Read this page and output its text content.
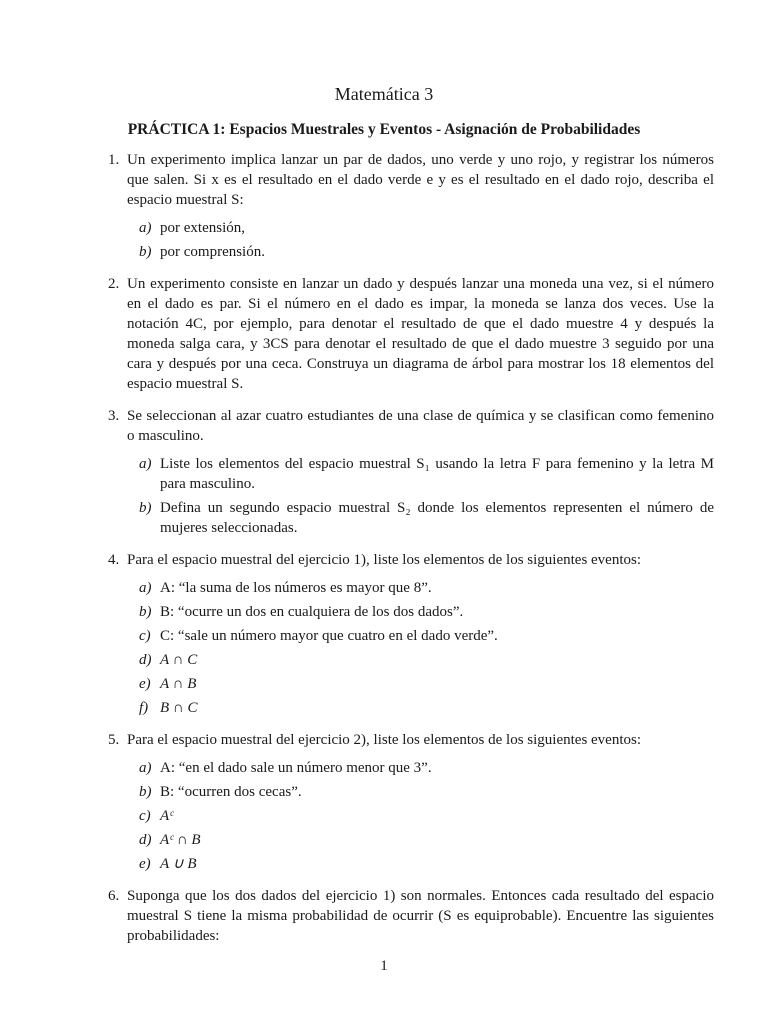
Matemática 3
PRÁCTICA 1: Espacios Muestrales y Eventos - Asignación de Probabilidades
1. Un experimento implica lanzar un par de dados, uno verde y uno rojo, y registrar los números que salen. Si x es el resultado en el dado verde e y es el resultado en el dado rojo, describa el espacio muestral S:
a) por extensión,
b) por comprensión.
2. Un experimento consiste en lanzar un dado y después lanzar una moneda una vez, si el número en el dado es par. Si el número en el dado es impar, la moneda se lanza dos veces. Use la notación 4C, por ejemplo, para denotar el resultado de que el dado muestre 4 y después la moneda salga cara, y 3CS para denotar el resultado de que el dado muestre 3 seguido por una cara y después por una ceca. Construya un diagrama de árbol para mostrar los 18 elementos del espacio muestral S.
3. Se seleccionan al azar cuatro estudiantes de una clase de química y se clasifican como femenino o masculino.
a) Liste los elementos del espacio muestral S₁ usando la letra F para femenino y la letra M para masculino.
b) Defina un segundo espacio muestral S₂ donde los elementos representen el número de mujeres seleccionadas.
4. Para el espacio muestral del ejercicio 1), liste los elementos de los siguientes eventos:
a) A: “la suma de los números es mayor que 8”.
b) B: “ocurre un dos en cualquiera de los dos dados”.
c) C: “sale un número mayor que cuatro en el dado verde”.
d) A ∩ C
e) A ∩ B
f) B ∩ C
5. Para el espacio muestral del ejercicio 2), liste los elementos de los siguientes eventos:
a) A: “en el dado sale un número menor que 3”.
b) B: “ocurren dos cecas”.
c) Aᶜ
d) Aᶜ ∩ B
e) A ∪ B
6. Suponga que los dos dados del ejercicio 1) son normales. Entonces cada resultado del espacio muestral S tiene la misma probabilidad de ocurrir (S es equiprobable). Encuentre las siguientes probabilidades:
1
